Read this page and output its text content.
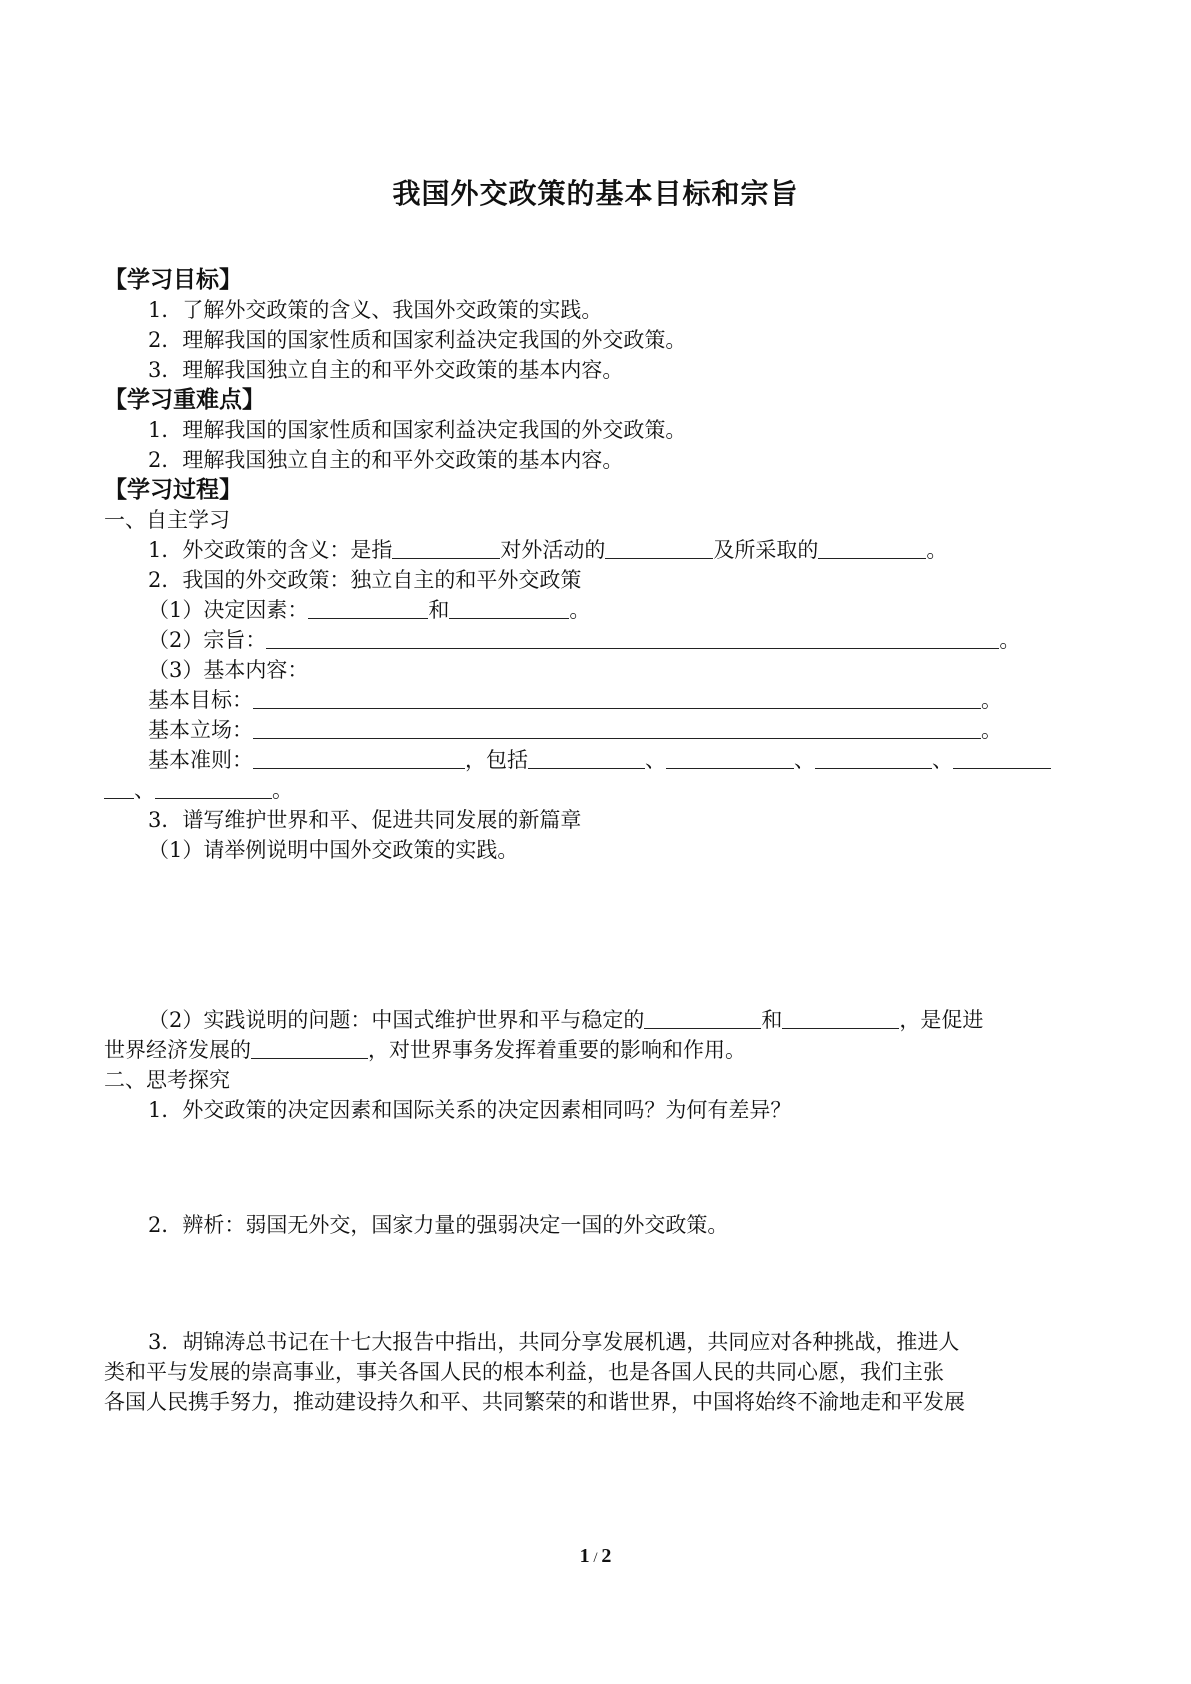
我国外交政策的基本目标和宗旨
【学习目标】
1．了解外交政策的含义、我国外交政策的实践。
2．理解我国的国家性质和国家利益决定我国的外交政策。
3．理解我国独立自主的和平外交政策的基本内容。
【学习重难点】
1．理解我国的国家性质和国家利益决定我国的外交政策。
2．理解我国独立自主的和平外交政策的基本内容。
【学习过程】
一、自主学习
1．外交政策的含义：是指	对外活动的	及所采取的	。
2．我国的外交政策：独立自主的和平外交政策
（1）决定因素：	和	。
（2）宗旨：	。
（3）基本内容：
基本目标：	。
基本立场：	。
基本准则：	，包括	、	、	、
、	。
3．谱写维护世界和平、促进共同发展的新篇章
（1）请举例说明中国外交政策的实践。
（2）实践说明的问题：中国式维护世界和平与稳定的	和	，是促进
世界经济发展的	，对世界事务发挥着重要的影响和作用。
二、思考探究
1．外交政策的决定因素和国际关系的决定因素相同吗？为何有差异？
2．辨析：弱国无外交，国家力量的强弱决定一国的外交政策。
3．胡锦涛总书记在十七大报告中指出，共同分享发展机遇，共同应对各种挑战，推进人
类和平与发展的崇高事业，事关各国人民的根本利益，也是各国人民的共同心愿，我们主张
各国人民携手努力，推动建设持久和平、共同繁荣的和谐世界，中国将始终不渝地走和平发展
1 / 2
